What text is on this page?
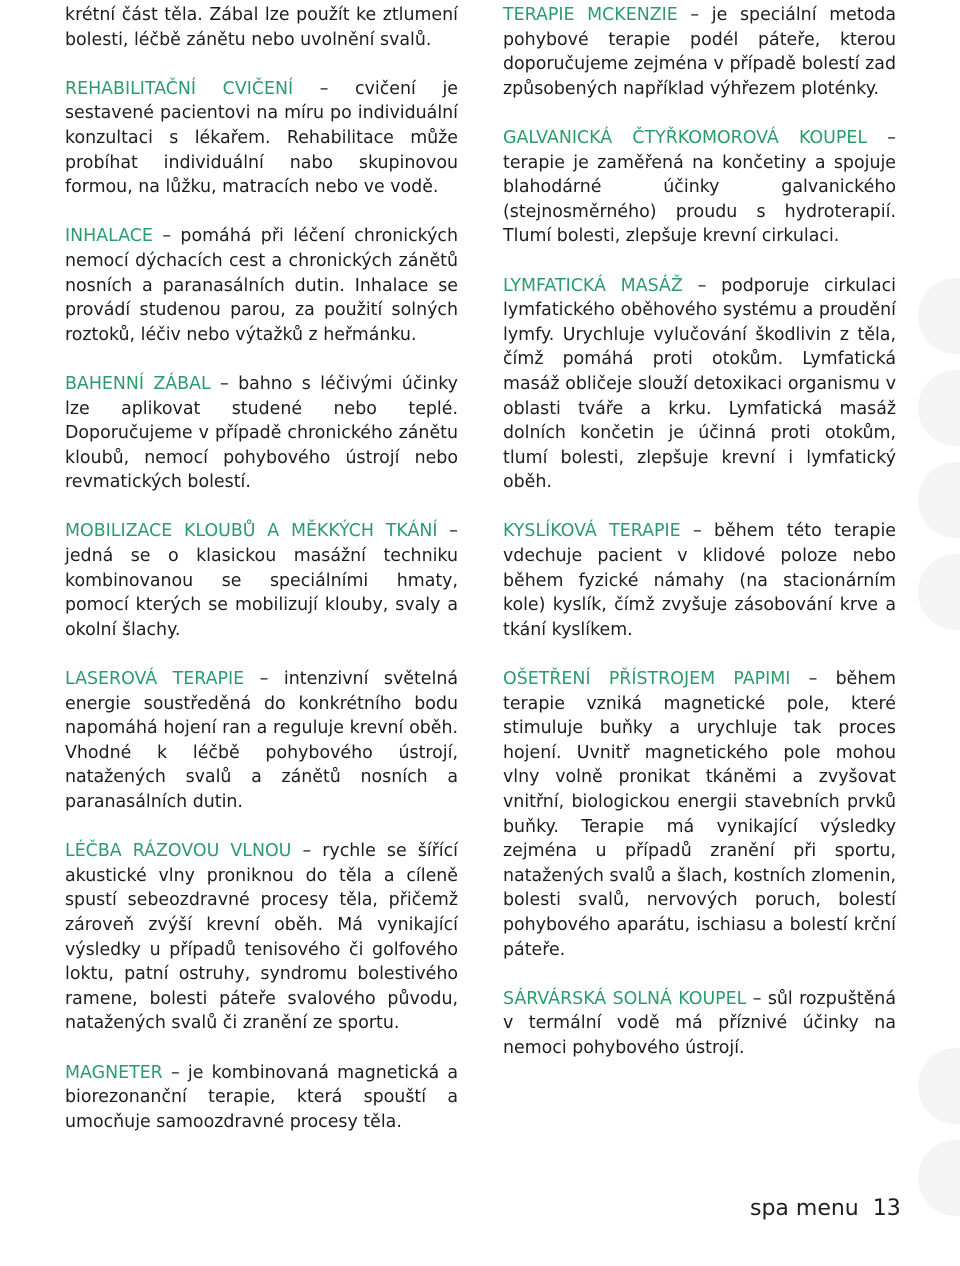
krétní část těla. Zábal lze použít ke ztlumení bolesti, léčbě zánětu nebo uvolnění svalů.

REHABILITAČNÍ CVIČENÍ – cvičení je sestavené pacientovi na míru po individuální konzultaci s lékařem. Rehabilitace může probíhat individuální nabo skupinovou formou, na lůžku, matracích nebo ve vodě.

INHALACE – pomáhá při léčení chronických nemocí dýchacích cest a chronických zánětů nosních a paranasálních dutin. Inhalace se provádí studenou parou, za použití solných roztoků, léčiv nebo výtažků z heřmánku.

BAHENNÍ ZÁBAL – bahno s léčivými účinky lze aplikovat studené nebo teplé. Doporučujeme v případě chronického zánětu kloubů, nemocí pohybového ústrojí nebo revmatických bolestí.

MOBILIZACE KLOUBŮ A MĚKKÝCH TKÁNÍ – jedná se o klasickou masážní techniku kombinovanou se speciálními hmaty, pomocí kterých se mobilizují klouby, svaly a okolní šlachy.

LASEROVÁ TERAPIE – intenzivní světelná energie soustředěná do konkrétního bodu napomáhá hojení ran a reguluje krevní oběh. Vhodné k léčbě pohybového ústrojí, natažených svalů a zánětů nosních a paranasálních dutin.

LÉČBA RÁZOVOU VLNOU – rychle se šířící akustické vlny proniknou do těla a cíleně spustí sebeozdravné procesy těla, přičemž zároveň zvýší krevní oběh. Má vynikající výsledky u případů tenisového či golfového loktu, patní ostruhy, syndromu bolestivého ramene, bolesti páteře svalového původu, natažených svalů či zranění ze sportu.

MAGNETER – je kombinovaná magnetická a biorezonanční terapie, která spouští a umocňuje samoozdravné procesy těla.

TERAPIE MCKENZIE – je speciální metoda pohybové terapie podél páteře, kterou doporučujeme zejména v případě bolestí zad způsobených například výhřezem ploténky.

GALVANICKÁ ČTYŘKOMOROVÁ KOUPEL – terapie je zaměřená na končetiny a spojuje blahodárné účinky galvanického (stejnosměrného) proudu s hydroterapií. Tlumí bolesti, zlepšuje krevní cirkulaci.

LYMFATICKÁ MASÁŽ – podporuje cirkulaci lymfatického oběhového systému a proudění lymfy. Urychluje vylučování škodlivin z těla, čímž pomáhá proti otokům. Lymfatická masáž obličeje slouží detoxikaci organismu v oblasti tváře a krku. Lymfatická masáž dolních končetin je účinná proti otokům, tlumí bolesti, zlepšuje krevní i lymfatický oběh.

KYSLÍKOVÁ TERAPIE – během této terapie vdechuje pacient v klidové poloze nebo během fyzické námahy (na stacionárním kole) kyslík, čímž zvyšuje zásobování krve a tkání kyslíkem.

OŠETŘENÍ PŘÍSTROJEM PAPIMI – během terapie vzniká magnetické pole, které stimuluje buňky a urychluje tak proces hojení. Uvnitř magnetického pole mohou vlny volně pronikat tkáněmi a zvyšovat vnitřní, biologickou energii stavebních prvků buňky. Terapie má vynikající výsledky zejména u případů zranění při sportu, natažených svalů a šlach, kostních zlomenin, bolesti svalů, nervových poruch, bolestí pohybového aparátu, ischiasu a bolestí krční páteře.

SÁRVÁRSKÁ SOLNÁ KOUPEL – sůl rozpuštěná v termální vodě má příznivé účinky na nemoci pohybového ústrojí.

spa menu 13
